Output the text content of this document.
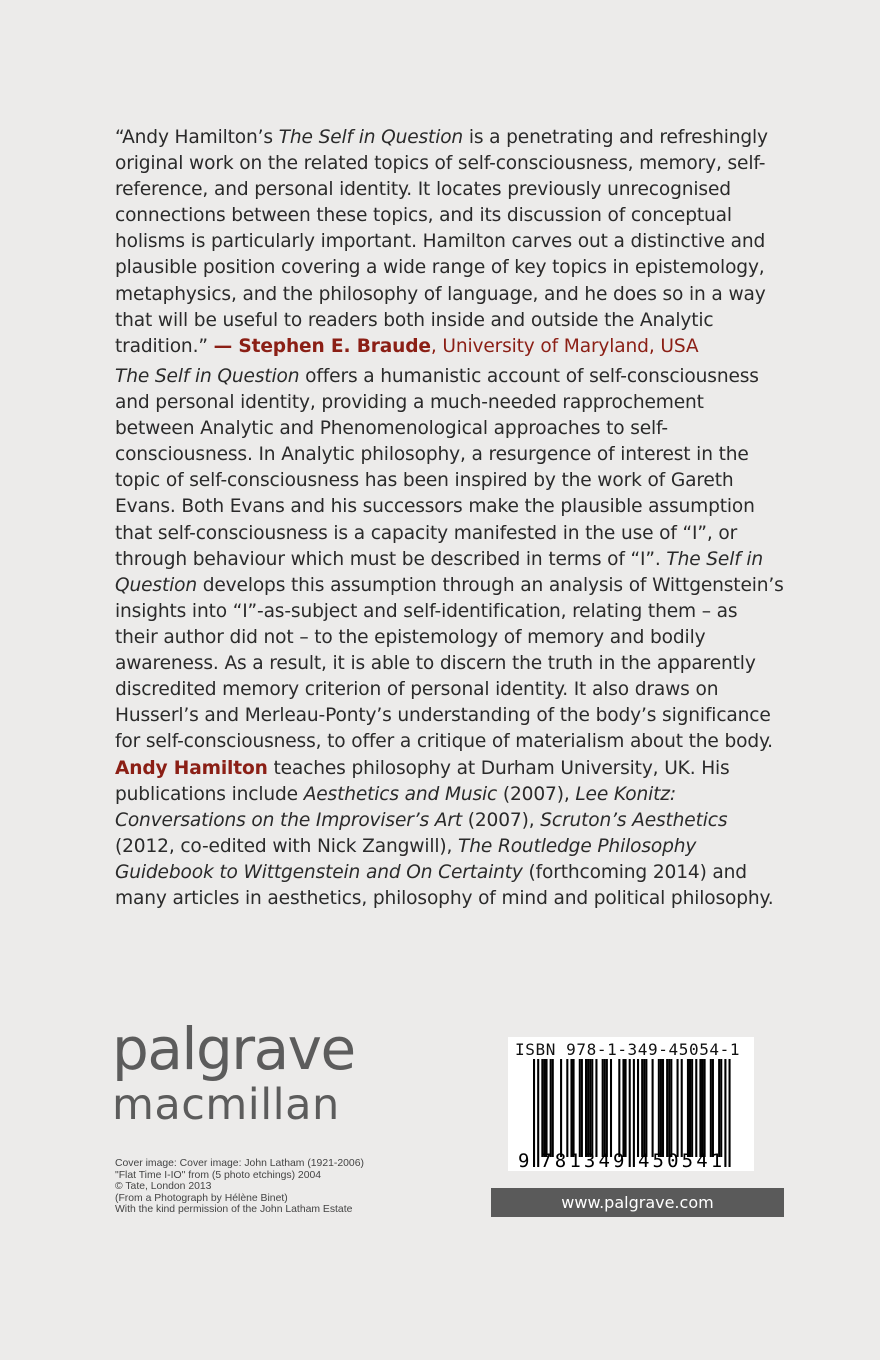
“Andy Hamilton’s The Self in Question is a penetrating and refreshingly original work on the related topics of self-consciousness, memory, self-reference, and personal identity. It locates previously unrecognised connections between these topics, and its discussion of conceptual holisms is particularly important. Hamilton carves out a distinctive and plausible position covering a wide range of key topics in epistemology, metaphysics, and the philosophy of language, and he does so in a way that will be useful to readers both inside and outside the Analytic tradition.” — Stephen E. Braude, University of Maryland, USA

The Self in Question offers a humanistic account of self-consciousness and personal identity, providing a much-needed rapprochement between Analytic and Phenomenological approaches to self-consciousness. In Analytic philosophy, a resurgence of interest in the topic of self-consciousness has been inspired by the work of Gareth Evans. Both Evans and his successors make the plausible assumption that self-consciousness is a capacity manifested in the use of “I”, or through behaviour which must be described in terms of “I”. The Self in Question develops this assumption through an analysis of Wittgenstein’s insights into “I”-as-subject and self-identification, relating them – as their author did not – to the epistemology of memory and bodily awareness. As a result, it is able to discern the truth in the apparently discredited memory criterion of personal identity. It also draws on Husserl’s and Merleau-Ponty’s understanding of the body’s significance for self-consciousness, to offer a critique of materialism about the body.

Andy Hamilton teaches philosophy at Durham University, UK. His publications include Aesthetics and Music (2007), Lee Konitz: Conversations on the Improviser’s Art (2007), Scruton’s Aesthetics (2012, co-edited with Nick Zangwill), The Routledge Philosophy Guidebook to Wittgenstein and On Certainty (forthcoming 2014) and many articles in aesthetics, philosophy of mind and political philosophy.

palgrave
macmillan
Cover image: Cover image: John Latham (1921-2006)
"Flat Time I-IO" from (5 photo etchings) 2004
© Tate, London 2013
(From a Photograph by Hélène Binet)
With the kind permission of the John Latham Estate
9 7 8 1 3 4 9 4 5 0 5 4 1
ISBN 978-1-349-45054-1
www.palgrave.com
